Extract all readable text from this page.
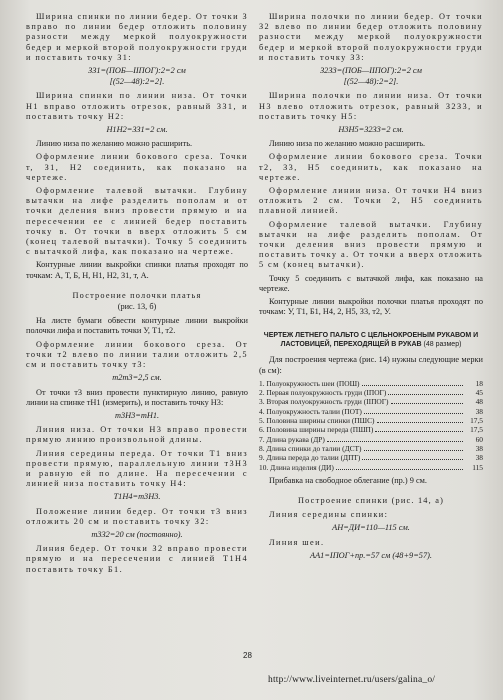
Ширина спинки по линии бедер. От точки З вправо по линии бедер отложить половину разности между меркой полуокружности бедер и меркой второй полуокружности груди и поставить точку З1:

ЗЗ1=(ПОБ—IIПОГ):2=2 см

[(52—48):2=2].

Ширина спинки по линии низа. От точки Н1 вправо отложить отрезок, равный ЗЗ1, и поставить точку Н2:

Н1Н2=ЗЗ1=2 см.

Линию низа по желанию можно расширить.

Оформление линии бокового среза. Точки т, З1, Н2 соединить, как показано на чертеже.

Оформление талевой вытачки. Глубину вытачки на лифе разделить пополам и от точки деления вниз провести прямую и на пересечении ее с линией бедер поставить точку в. От точки в вверх отложить 5 см (конец талевой вытачки). Точку 5 соединить с вытачкой лифа, как показано на чертеже.

Контурные линии выкройки спинки платья проходят по точкам: А, Т, Б, Н, Н1, Н2, З1, т, А.

Построение полочки платья

(рис. 13, б)

На листе бумаги обвести контурные линии выкройки полочки лифа и поставить точки У, Т1, т2.

Оформление линии бокового среза. От точки т2 влево по линии талии отложить 2,5 см и поставить точку т3:

т2т3=2,5 см.

От точки т3 вниз провести пунктирную линию, равную линии на спинке тН1 (измерить), и поставить точку Н3:

т3Н3=тН1.

Линия низа. От точки Н3 вправо провести прямую линию произвольной длины.

Линия середины переда. От точки Т1 вниз провести прямую, параллельную линии т3Н3 и равную ей по длине. На пересечении с линией низа поставить точку Н4:

Т1Н4=т3Н3.

Положение линии бедер. От точки т3 вниз отложить 20 см и поставить точку З2:

т3З2=20 см (постоянно).

Линия бедер. От точки З2 вправо провести прямую и на пересечении с линией Т1Н4 поставить точку Б1.

Ширина полочки по линии бедер. От точки З2 влево по линии бедер отложить половину разности между меркой полуокружности бедер и меркой второй полуокружности груди и поставить точку З3:

З2З3=(ПОБ—IIПОГ):2=2 см

[(52—48):2=2].

Ширина полочки по линии низа. От точки Н3 влево отложить отрезок, равный З2З3, и поставить точку Н5:

Н3Н5=З2З3=2 см.

Линию низа по желанию можно расширить.

Оформление линии бокового среза. Точки т2, З3, Н5 соединить, как показано на чертеже.

Оформление линии низа. От точки Н4 вниз отложить 2 см. Точки 2, Н5 соединить плавной линией.

Оформление талевой вытачки. Глубину вытачки на лифе разделить пополам. От точки деления вниз провести прямую и поставить точку а. От точки а вверх отложить 5 см (конец вытачки).

Точку 5 соединить с вытачкой лифа, как показано на чертеже.

Контурные линии выкройки полочки платья проходят по точкам: У, Т1, Б1, Н4, 2, Н5, З3, т2, У.

ЧЕРТЕЖ ЛЕТНЕГО ПАЛЬТО С ЦЕЛЬНОКРОЕНЫМ РУКАВОМ И ЛАСТОВИЦЕЙ, ПЕРЕХОДЯЩЕЙ В РУКАВ (48 размер)

Для построения чертежа (рис. 14) нужны следующие мерки (в см):

1. Полуокружность шеи (ПОШ)	18
2. Первая полуокружность груди (IПОГ)	45
3. Вторая полуокружность груди (IIПОГ)	48
4. Полуокружность талии (ПОТ)	38
5. Половина ширины спинки (ПШС)	17,5
6. Половина ширины переда (ПШП)	17,5
7. Длина рукава (ДР)	60
8. Длина спинки до талии (ДСТ)	38
9. Длина переда до талии (ДПТ)	38
10. Длина изделия (ДИ)	115

Прибавка на свободное облегание (пр.) 9 см.

Построение спинки (рис. 14, а)

Линия середины спинки:

АН=ДИ=110—115 см.

Линия шеи.

АА1=IПОГ+пр.=57 см (48+9=57).

28
http://www.liveinternet.ru/users/galina_o/
